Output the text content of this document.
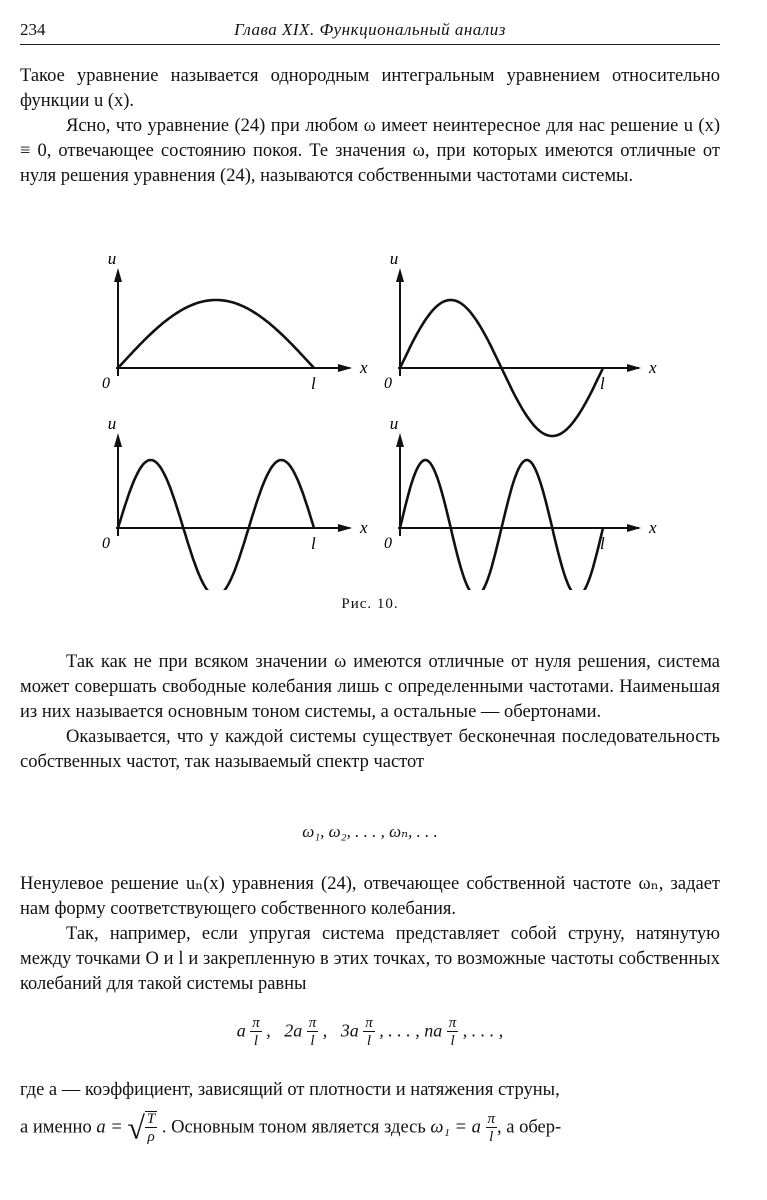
234	Глава XIX. Функциональный анализ

Такое уравнение называется однородным интегральным уравнением относительно функции u (x).

Ясно, что уравнение (24) при любом ω имеет неинтересное для нас решение u (x) ≡ 0, отвечающее состоянию покоя. Те значения ω, при которых имеются отличные от нуля решения уравнения (24), называются собственными частотами системы.

u
x
0	l
u
x
0	l
u
x
0	l
u
x
0	l
Рис. 10.

Так как не при всяком значении ω имеются отличные от нуля решения, система может совершать свободные колебания лишь с определенными частотами. Наименьшая из них называется основным тоном системы, а остальные — обертонами.

Оказывается, что у каждой системы существует бесконечная последовательность собственных частот, так называемый спектр частот

ω₁, ω₂, . . . , ωₙ, . . .

Ненулевое решение uₙ(x) уравнения (24), отвечающее собственной частоте ωₙ, задает нам форму соответствующего собственного колебания.

Так, например, если упругая система представляет собой струну, натянутую между точками O и l и закрепленную в этих точках, то возможные частоты собственных колебаний для такой системы равны

a $\frac{\pi}{l}$ ,   $2a \frac{\pi}{l}$ ,   $3a \frac{\pi}{l}$ , . . . , na $\frac{\pi}{l}$ , . . . ,

где a — коэффициент, зависящий от плотности и натяжения струны,

а именно a = √ $\frac{T}{\rho}$ . Основным тоном является здесь ω₁ = a $\frac{\pi}{l}$ , а обер-
